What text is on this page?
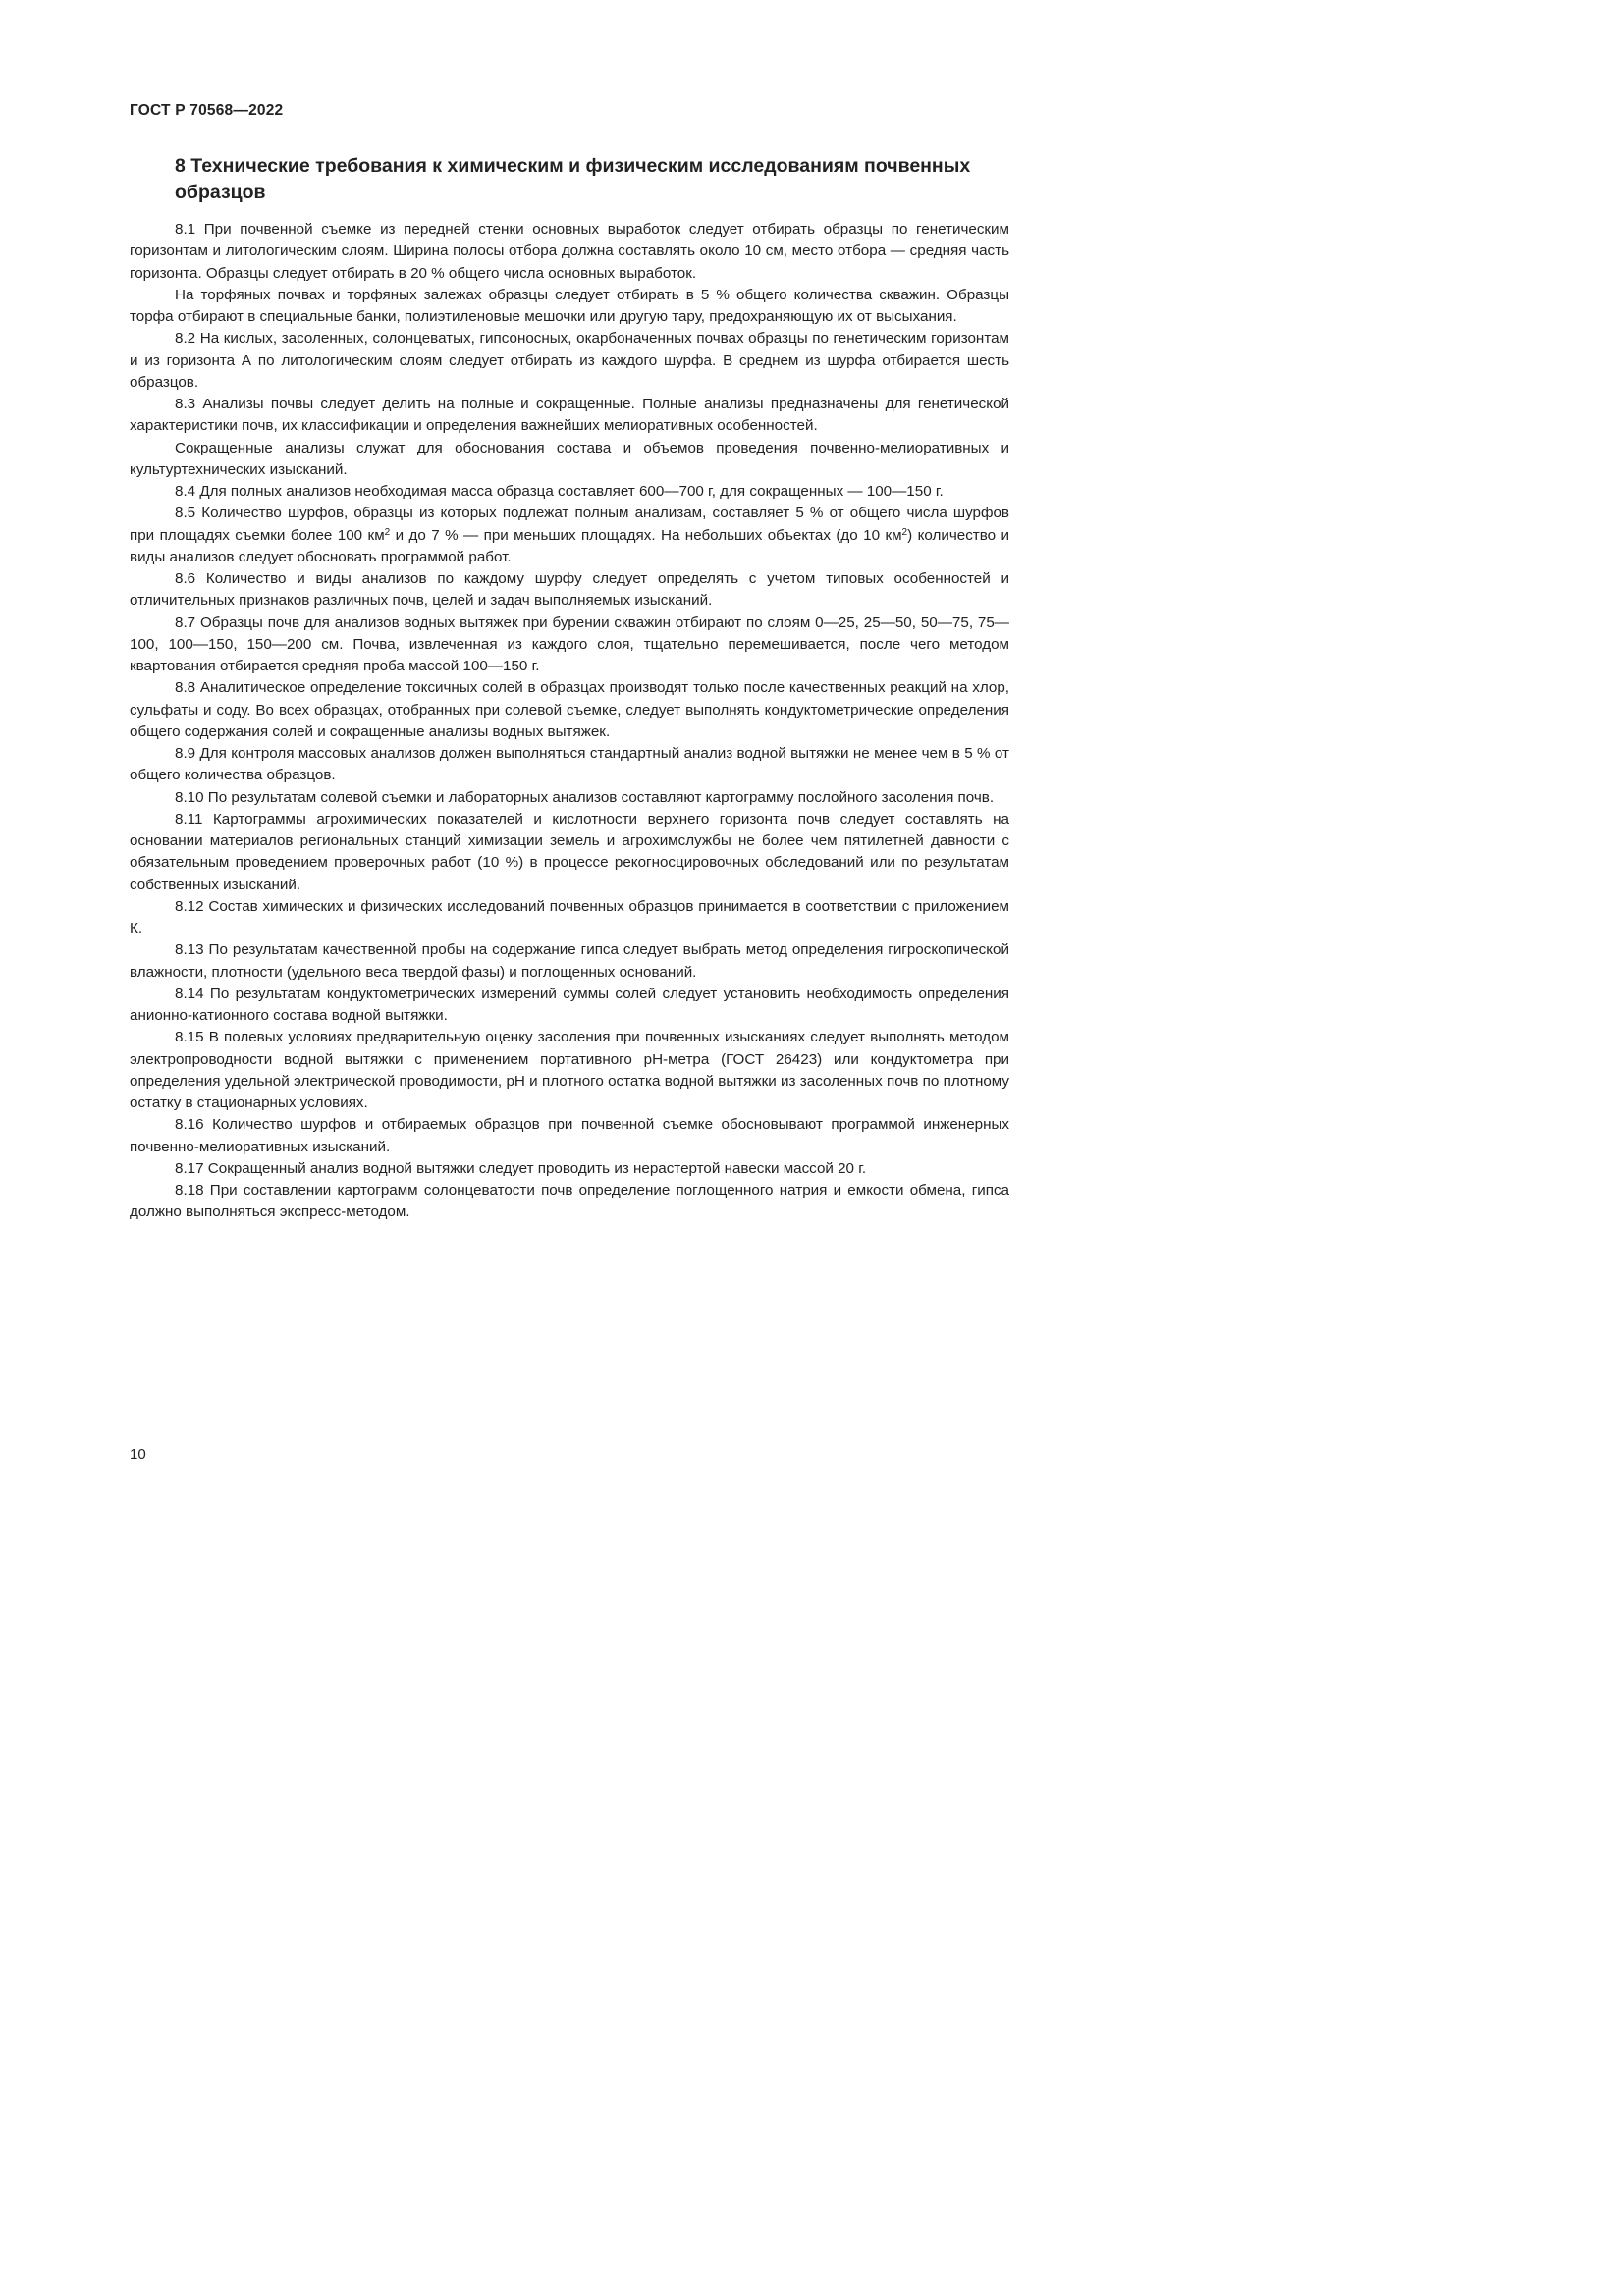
ГОСТ Р 70568—2022
8 Технические требования к химическим и физическим исследованиям почвенных образцов

8.1 При почвенной съемке из передней стенки основных выработок следует отбирать образцы по генетическим горизонтам и литологическим слоям. Ширина полосы отбора должна составлять около 10 см, место отбора — средняя часть горизонта. Образцы следует отбирать в 20 % общего числа основных выработок.

На торфяных почвах и торфяных залежах образцы следует отбирать в 5 % общего количества скважин. Образцы торфа отбирают в специальные банки, полиэтиленовые мешочки или другую тару, предохраняющую их от высыхания.

8.2 На кислых, засоленных, солонцеватых, гипсоносных, окарбоначенных почвах образцы по генетическим горизонтам и из горизонта А по литологическим слоям следует отбирать из каждого шурфа. В среднем из шурфа отбирается шесть образцов.

8.3 Анализы почвы следует делить на полные и сокращенные. Полные анализы предназначены для генетической характеристики почв, их классификации и определения важнейших мелиоративных особенностей.

Сокращенные анализы служат для обоснования состава и объемов проведения почвенно-мелиоративных и культуртехнических изысканий.

8.4 Для полных анализов необходимая масса образца составляет 600—700 г, для сокращенных — 100—150 г.

8.5 Количество шурфов, образцы из которых подлежат полным анализам, составляет 5 % от общего числа шурфов при площадях съемки более 100 $км^2$ и до 7 % — при меньших площадях. На небольших объектах (до 10 $км^2$) количество и виды анализов следует обосновать программой работ.

8.6 Количество и виды анализов по каждому шурфу следует определять с учетом типовых особенностей и отличительных признаков различных почв, целей и задач выполняемых изысканий.

8.7 Образцы почв для анализов водных вытяжек при бурении скважин отбирают по слоям 0—25, 25—50, 50—75, 75—100, 100—150, 150—200 см. Почва, извлеченная из каждого слоя, тщательно перемешивается, после чего методом квартования отбирается средняя проба массой 100—150 г.

8.8 Аналитическое определение токсичных солей в образцах производят только после качественных реакций на хлор, сульфаты и соду. Во всех образцах, отобранных при солевой съемке, следует выполнять кондуктометрические определения общего содержания солей и сокращенные анализы водных вытяжек.

8.9 Для контроля массовых анализов должен выполняться стандартный анализ водной вытяжки не менее чем в 5 % от общего количества образцов.

8.10 По результатам солевой съемки и лабораторных анализов составляют картограмму послойного засоления почв.

8.11 Картограммы агрохимических показателей и кислотности верхнего горизонта почв следует составлять на основании материалов региональных станций химизации земель и агрохимслужбы не более чем пятилетней давности с обязательным проведением проверочных работ (10 %) в процессе рекогносцировочных обследований или по результатам собственных изысканий.

8.12 Состав химических и физических исследований почвенных образцов принимается в соответствии с приложением К.

8.13 По результатам качественной пробы на содержание гипса следует выбрать метод определения гигроскопической влажности, плотности (удельного веса твердой фазы) и поглощенных оснований.

8.14 По результатам кондуктометрических измерений суммы солей следует установить необходимость определения анионно-катионного состава водной вытяжки.

8.15 В полевых условиях предварительную оценку засоления при почвенных изысканиях следует выполнять методом электропроводности водной вытяжки с применением портативного рН-метра (ГОСТ 26423) или кондуктометра при определения удельной электрической проводимости, рН и плотного остатка водной вытяжки из засоленных почв по плотному остатку в стационарных условиях.

8.16 Количество шурфов и отбираемых образцов при почвенной съемке обосновывают программой инженерных почвенно-мелиоративных изысканий.

8.17 Сокращенный анализ водной вытяжки следует проводить из нерастертой навески массой 20 г.

8.18 При составлении картограмм солонцеватости почв определение поглощенного натрия и емкости обмена, гипса должно выполняться экспресс-методом.

10
